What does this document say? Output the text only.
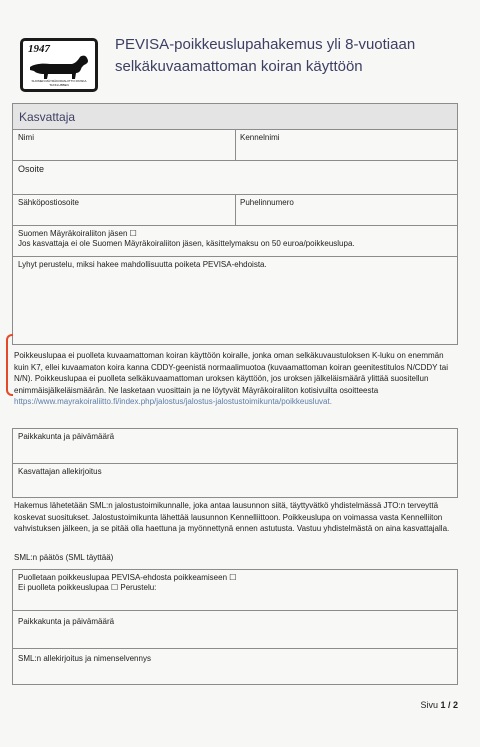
1947
SUOMEN MÄYRÄKOIRALIITTO FINSKA TAXKLUBBEN
PEVISA-poikkeuslupahakemus yli 8-vuotiaan selkäkuvaamattoman koiran käyttöön
Kasvattaja
Nimi	Kennelnimi
Osoite
Sähköpostiosoite	Puhelinnumero
Suomen Mäyräkoiraliiton jäsen ☐
Jos kasvattaja ei ole Suomen Mäyräkoiraliiton jäsen, käsittelymaksu on 50 euroa/poikkeuslupa.
Lyhyt perustelu, miksi hakee mahdollisuutta poiketa PEVISA-ehdoista.
Poikkeuslupaa ei puolleta kuvaamattoman koiran käyttöön koiralle, jonka oman selkäkuvaustuloksen K-luku on enemmän kuin K7, ellei kuvaamaton koira kanna CDDY-geenistä normaalimuotoa (kuvaamattoman koiran geenitestitulos N/CDDY tai N/N). Poikkeuslupaa ei puolleta selkäkuvaamattoman uroksen käyttöön, jos uroksen jälkeläismäärä ylittää suositellun enimmäisjälkeläismäärän. Ne lasketaan vuosittain ja ne löytyvät Mäyräkoiraliiton kotisivuilta osoitteesta https://www.mayrakoiraliitto.fi/index.php/jalostus/jalostus-jalostustoimikunta/poikkeusluvat.
Paikkakunta ja päivämäärä
Kasvattajan allekirjoitus
Hakemus lähetetään SML:n jalostustoimikunnalle, joka antaa lausunnon siitä, täyttyvätkö yhdistelmässä JTO:n terveyttä koskevat suositukset. Jalostustoimikunta lähettää lausunnon Kennelliittoon. Poikkeuslupa on voimassa vasta Kennelliiton vahvistuksen jälkeen, ja se pitää olla haettuna ja myönnettynä ennen astutusta. Vastuu yhdistelmästä on aina kasvattajalla.
SML:n päätös (SML täyttää)
Puolletaan poikkeuslupaa PEVISA-ehdosta poikkeamiseen ☐
Ei puolleta poikkeuslupaa ☐ Perustelu:
Paikkakunta ja päivämäärä
SML:n allekirjoitus ja nimenselvennys
Sivu 1 / 2
